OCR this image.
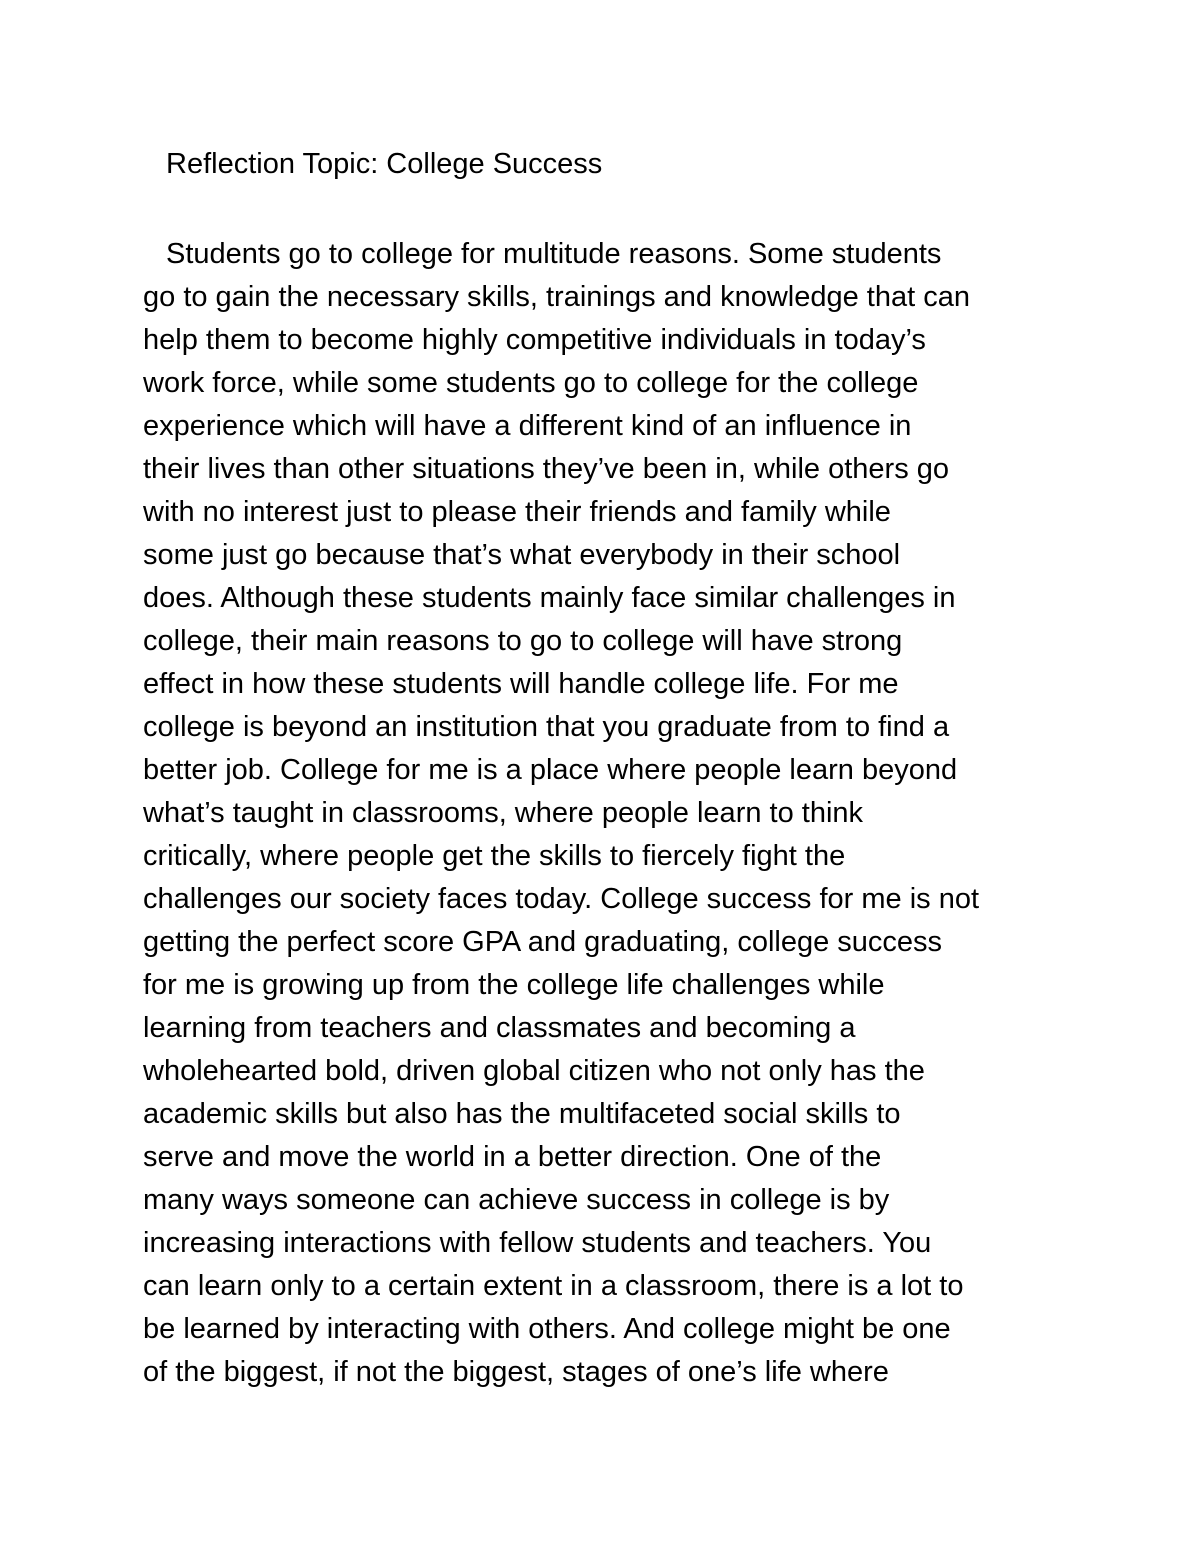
Reflection Topic: College Success
Students go to college for multitude reasons. Some students
go to gain the necessary skills, trainings and knowledge that can
help them to become highly competitive individuals in today’s
work force, while some students go to college for the college
experience which will have a different kind of an influence in
their lives than other situations they’ve been in, while others go
with no interest just to please their friends and family while
some just go because that’s what everybody in their school
does. Although these students mainly face similar challenges in
college, their main reasons to go to college will have strong
effect in how these students will handle college life. For me
college is beyond an institution that you graduate from to find a
better job. College for me is a place where people learn beyond
what’s taught in classrooms, where people learn to think
critically, where people get the skills to fiercely fight the
challenges our society faces today. College success for me is not
getting the perfect score GPA and graduating, college success
for me is growing up from the college life challenges while
learning from teachers and classmates and becoming a
wholehearted bold, driven global citizen who not only has the
academic skills but also has the multifaceted social skills to
serve and move the world in a better direction. One of the
many ways someone can achieve success in college is by
increasing interactions with fellow students and teachers. You
can learn only to a certain extent in a classroom, there is a lot to
be learned by interacting with others. And college might be one
of the biggest, if not the biggest, stages of one’s life where
